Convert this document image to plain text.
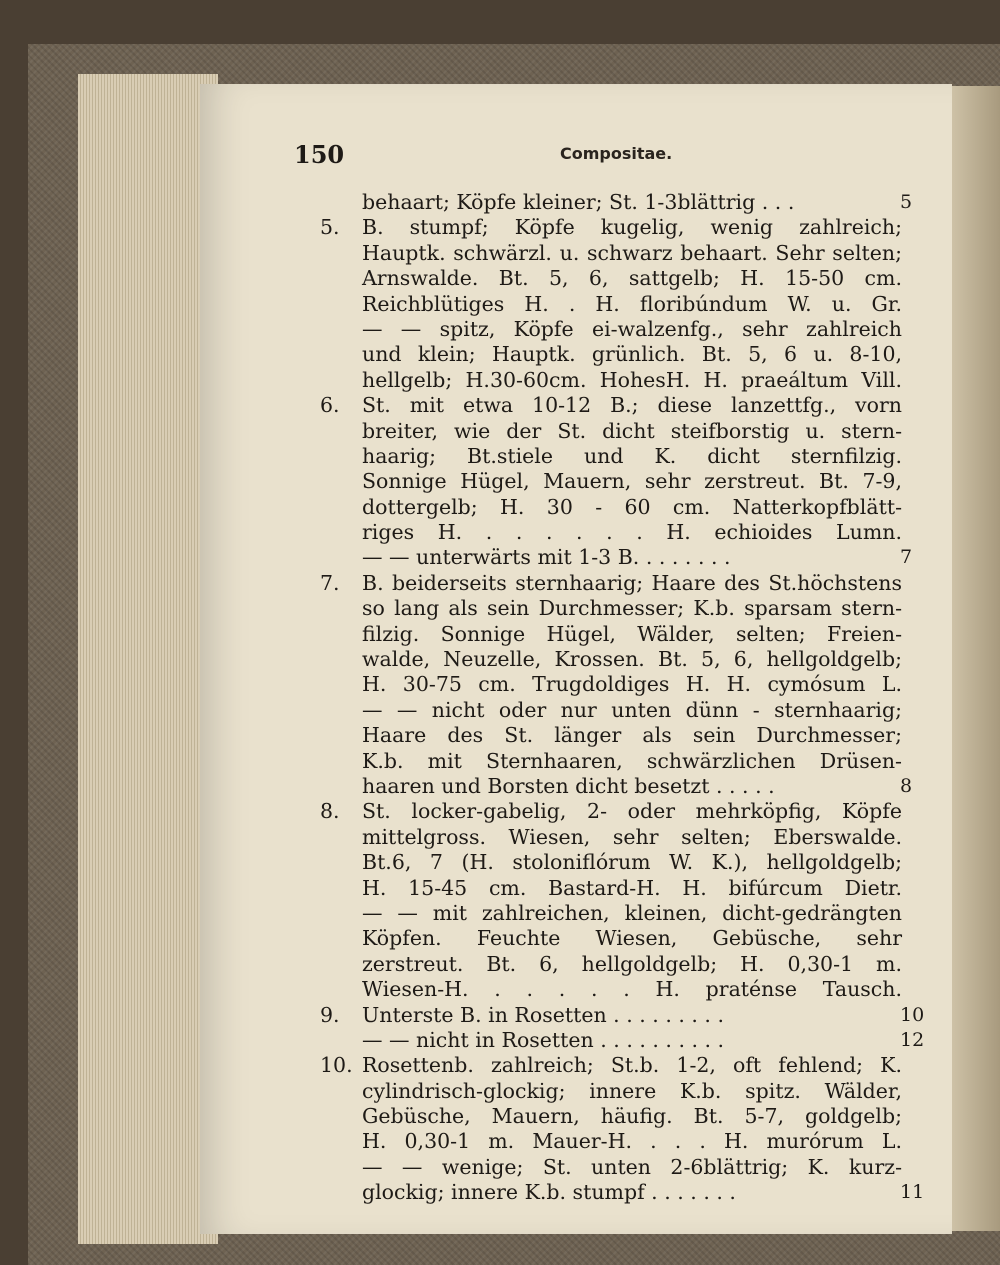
150	Compositae.
behaart; Köpfe kleiner; St. 1-3blättrig . . .	5
5. B. stumpf; Köpfe kugelig, wenig zahlreich;
Hauptk. schwärzl. u. schwarz behaart. Sehr selten;
Arnswalde. Bt. 5, 6, sattgelb; H. 15-50 cm.
Reichblütiges H. . H. floribúndum W. u. Gr.
— — spitz, Köpfe ei-walzenfg., sehr zahlreich
und klein; Hauptk. grünlich. Bt. 5, 6 u. 8-10,
hellgelb; H.30-60cm. HohesH. H. praeáltum Vill.
6. St. mit etwa 10-12 B.; diese lanzettfg., vorn
breiter, wie der St. dicht steifborstig u. stern-
haarig; Bt.stiele und K. dicht sternfilzig.
Sonnige Hügel, Mauern, sehr zerstreut. Bt. 7-9,
dottergelb; H. 30 - 60 cm. Natterkopfblätt-
riges H. . . . . . . H. echioides Lumn.
— — unterwärts mit 1-3 B. . . . . . . .	7
7. B. beiderseits sternhaarig; Haare des St.höchstens
so lang als sein Durchmesser; K.b. sparsam stern-
filzig. Sonnige Hügel, Wälder, selten; Freien-
walde, Neuzelle, Krossen. Bt. 5, 6, hellgoldgelb;
H. 30-75 cm. Trugdoldiges H. H. cymósum L.
— — nicht oder nur unten dünn - sternhaarig;
Haare des St. länger als sein Durchmesser;
K.b. mit Sternhaaren, schwärzlichen Drüsen-
haaren und Borsten dicht besetzt . . . . .	8
8. St. locker-gabelig, 2- oder mehrköpfig, Köpfe
mittelgross. Wiesen, sehr selten; Eberswalde.
Bt.6, 7 (H. stoloniflórum W. K.), hellgoldgelb;
H. 15-45 cm. Bastard-H. H. bifúrcum Dietr.
— — mit zahlreichen, kleinen, dicht-gedrängten
Köpfen. Feuchte Wiesen, Gebüsche, sehr
zerstreut. Bt. 6, hellgoldgelb; H. 0,30-1 m.
Wiesen-H. . . . . . H. praténse Tausch.
9. Unterste B. in Rosetten . . . . . . . . .	10
— — nicht in Rosetten . . . . . . . . . .	12
10. Rosettenb. zahlreich; St.b. 1-2, oft fehlend; K.
cylindrisch-glockig; innere K.b. spitz. Wälder,
Gebüsche, Mauern, häufig. Bt. 5-7, goldgelb;
H. 0,30-1 m. Mauer-H. . . . H. murórum L.
— — wenige; St. unten 2-6blättrig; K. kurz-
glockig; innere K.b. stumpf . . . . . . .	11
